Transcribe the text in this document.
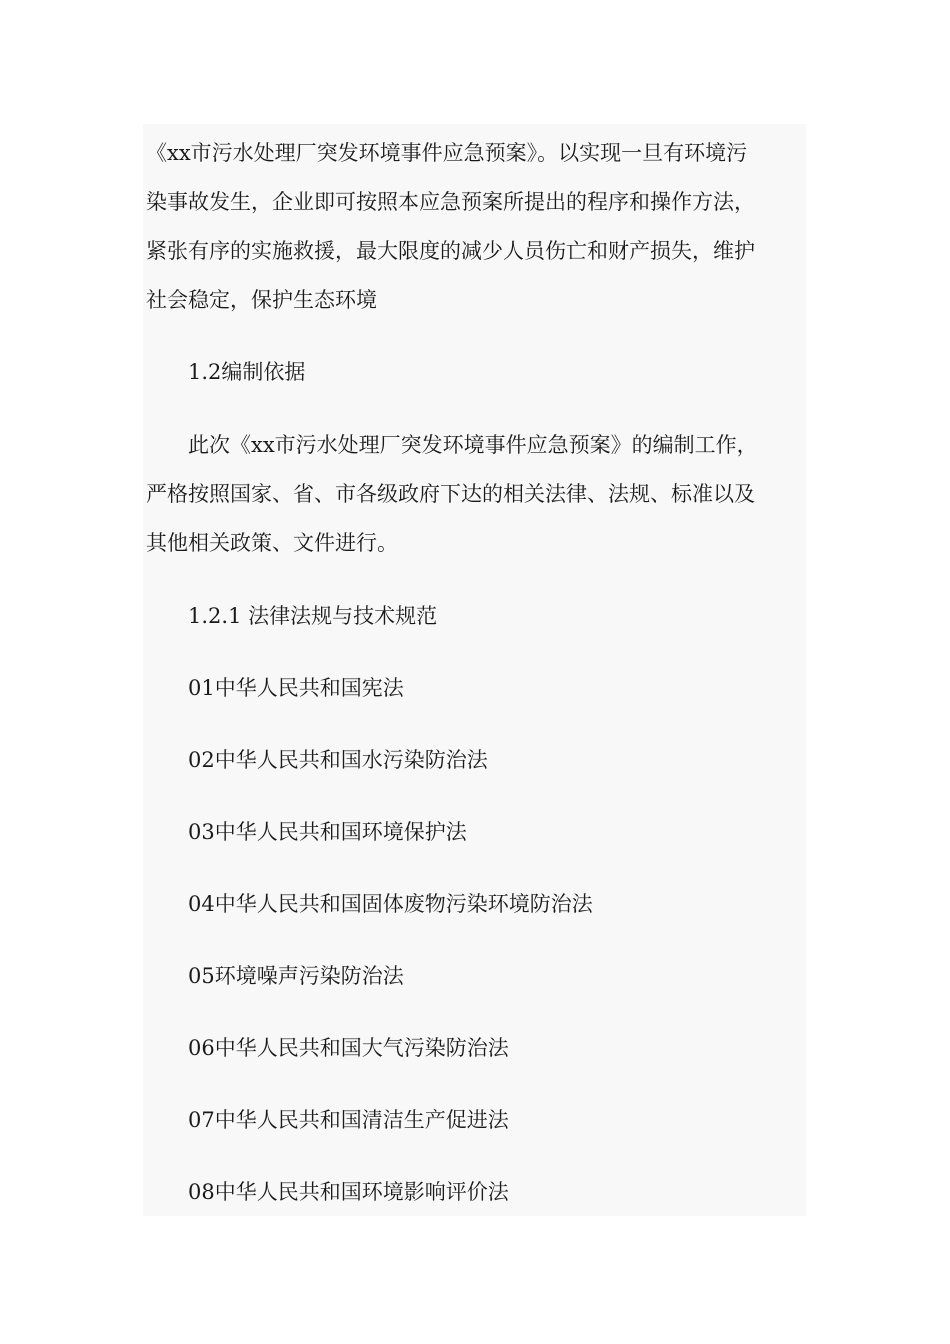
《xx市污水处理厂突发环境事件应急预案》。以实现一旦有环境污
染事故发生，企业即可按照本应急预案所提出的程序和操作方法，
紧张有序的实施救援，最大限度的减少人员伤亡和财产损失，维护
社会稳定，保护生态环境

1.2编制依据

此次《xx市污水处理厂突发环境事件应急预案》的编制工作，
严格按照国家、省、市各级政府下达的相关法律、法规、标准以及
其他相关政策、文件进行。

1.2.1 法律法规与技术规范

01中华人民共和国宪法

02中华人民共和国水污染防治法

03中华人民共和国环境保护法

04中华人民共和国固体废物污染环境防治法

05环境噪声污染防治法

06中华人民共和国大气污染防治法

07中华人民共和国清洁生产促进法

08中华人民共和国环境影响评价法
